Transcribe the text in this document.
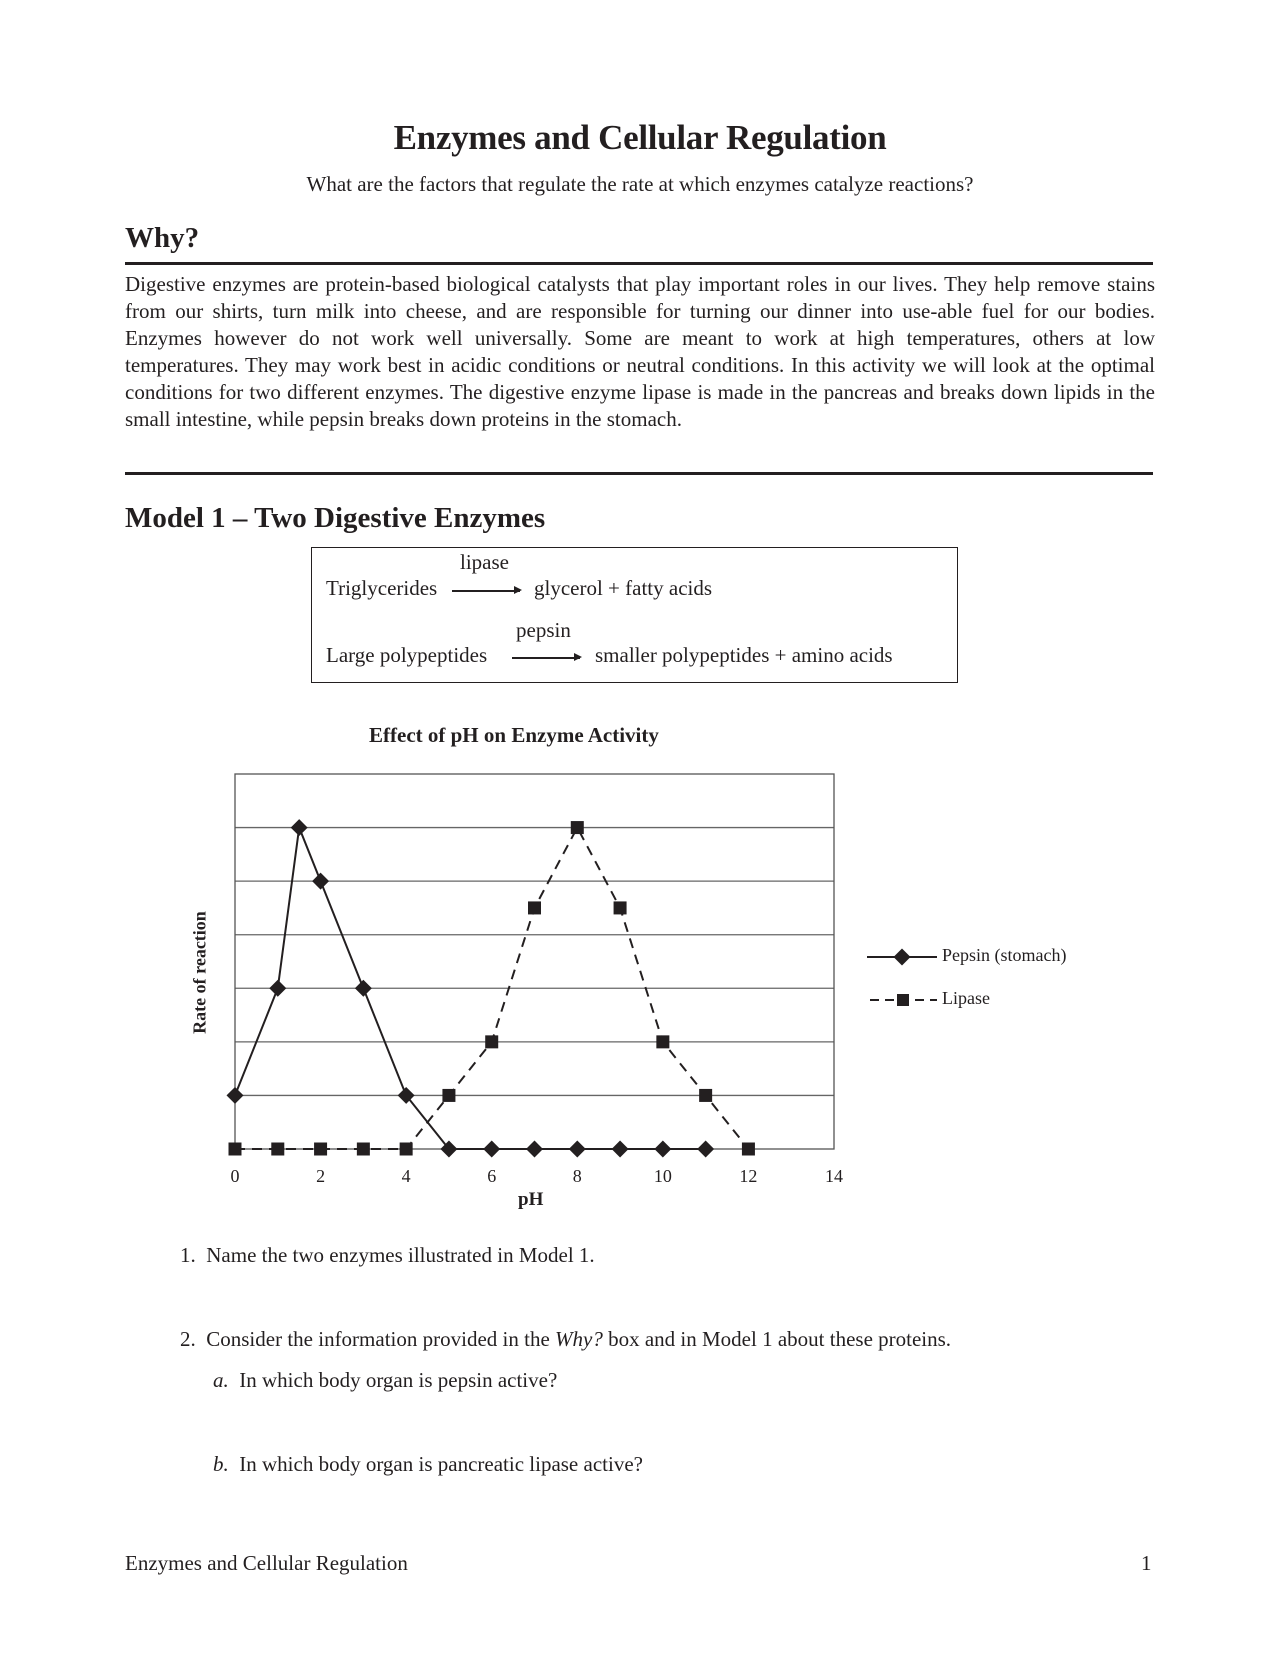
Enzymes and Cellular Regulation
What are the factors that regulate the rate at which enzymes catalyze reactions?
Why?
Digestive enzymes are protein-based biological catalysts that play important roles in our lives. They help remove stains from our shirts, turn milk into cheese, and are responsible for turning our dinner into use-able fuel for our bodies. Enzymes however do not work well universally. Some are meant to work at high temperatures, others at low temperatures. They may work best in acidic conditions or neutral conditions. In this activity we will look at the optimal conditions for two different enzymes. The digestive enzyme lipase is made in the pancreas and breaks down lipids in the small intestine, while pepsin breaks down proteins in the stomach.
Model 1 – Two Digestive Enzymes
lipase
Triglycerides	glycerol + fatty acids
pepsin
Large polypeptides	smaller polypeptides + amino acids
Effect of pH on Enzyme Activity
Rate of reaction	Pepsin (stomach)
Lipase
0	2	4	6	8	10	12	14
pH
1. Name the two enzymes illustrated in Model 1.
2. Consider the information provided in the Why? box and in Model 1 about these proteins.
a. In which body organ is pepsin active?
b. In which body organ is pancreatic lipase active?
Enzymes and Cellular Regulation	1
